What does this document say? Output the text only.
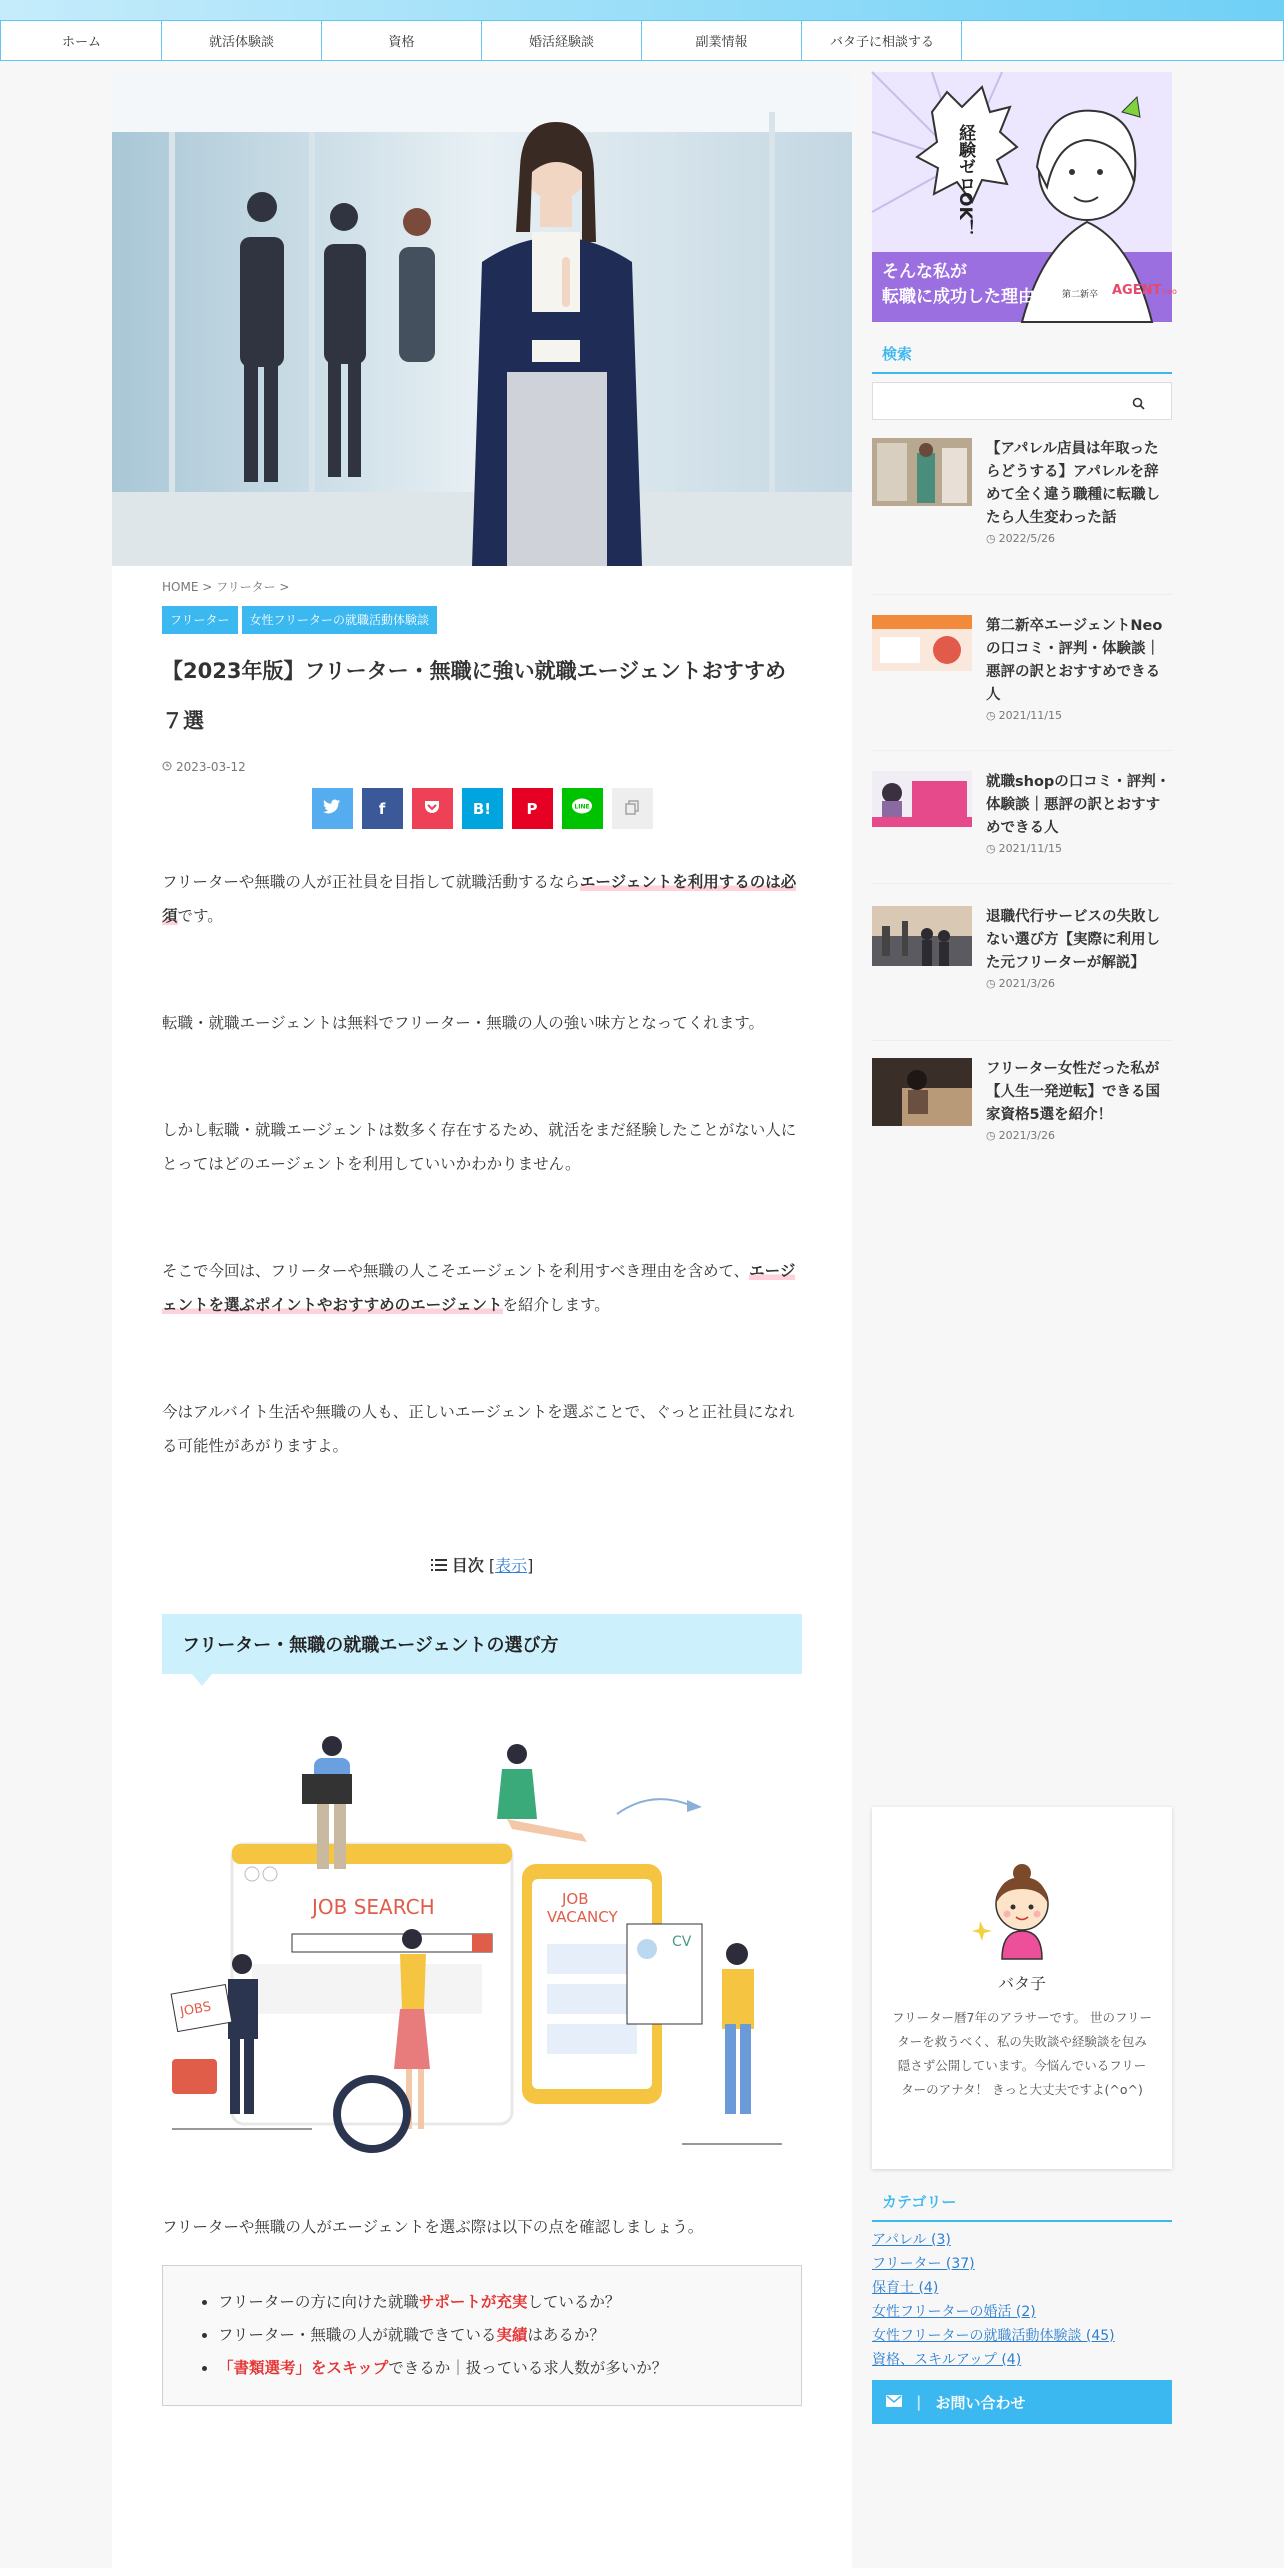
ホーム	就活体験談	資格	婚活経験談	副業情報	バタ子に相談する
HOME > フリーター >
フリーター	女性フリーターの就職活動体験談
【2023年版】フリーター・無職に強い就職エージェントおすすめ７選
2023-03-12
f	B! P	LINE

フリーターや無職の人が正社員を目指して就職活動するならエージェントを利用するのは必須です。

転職・就職エージェントは無料でフリーター・無職の人の強い味方となってくれます。

しかし転職・就職エージェントは数多く存在するため、就活をまだ経験したことがない人にとってはどのエージェントを利用していいかわかりません。

そこで今回は、フリーターや無職の人こそエージェントを利用すべき理由を含めて、エージェントを選ぶポイントやおすすめのエージェントを紹介します。

今はアルバイト生活や無職の人も、正しいエージェントを選ぶことで、ぐっと正社員になれる可能性があがりますよ。

目次 [表示]
フリーター・無職の就職エージェントの選び方
JOB SEARCH	JOB
VACANCY
CV
JOBS

フリーターや無職の人がエージェントを選ぶ際は以下の点を確認しましょう。

• フリーターの方に向けた就職サポートが充実しているか？
• フリーター・無職の人が就職できている実績はあるか？
• 「書類選考」をスキップできるか｜扱っている求人数が多いか？
経験ゼロOK！
そんな私が
転職に成功した理由… 第二新卒 AGENT neo
検索
【アパレル店員は年取ったらどうする】アパレルを辞めて全く違う職種に転職したら人生変わった話
◷ 2022/5/26
第二新卒エージェントNeoの口コミ・評判・体験談｜悪評の訳とおすすめできる人
◷ 2021/11/15
就職shopの口コミ・評判・体験談｜悪評の訳とおすすめできる人
◷ 2021/11/15
退職代行サービスの失敗しない選び方【実際に利用した元フリーターが解説】
◷ 2021/3/26
フリーター女性だった私が【人生一発逆転】できる国家資格5選を紹介！
◷ 2021/3/26
バタ子

フリーター暦7年のアラサーです。 世のフリーターを救うべく、私の失敗談や経験談を包み隠さず公開しています。今悩んでいるフリーターのアナタ！ きっと大丈夫ですよ(^o^)

カテゴリー
アパレル (3)
フリーター (37)
保育士 (4)
女性フリーターの婚活 (2)
女性フリーターの就職活動体験談 (45)
資格、スキルアップ (4)
| お問い合わせ
